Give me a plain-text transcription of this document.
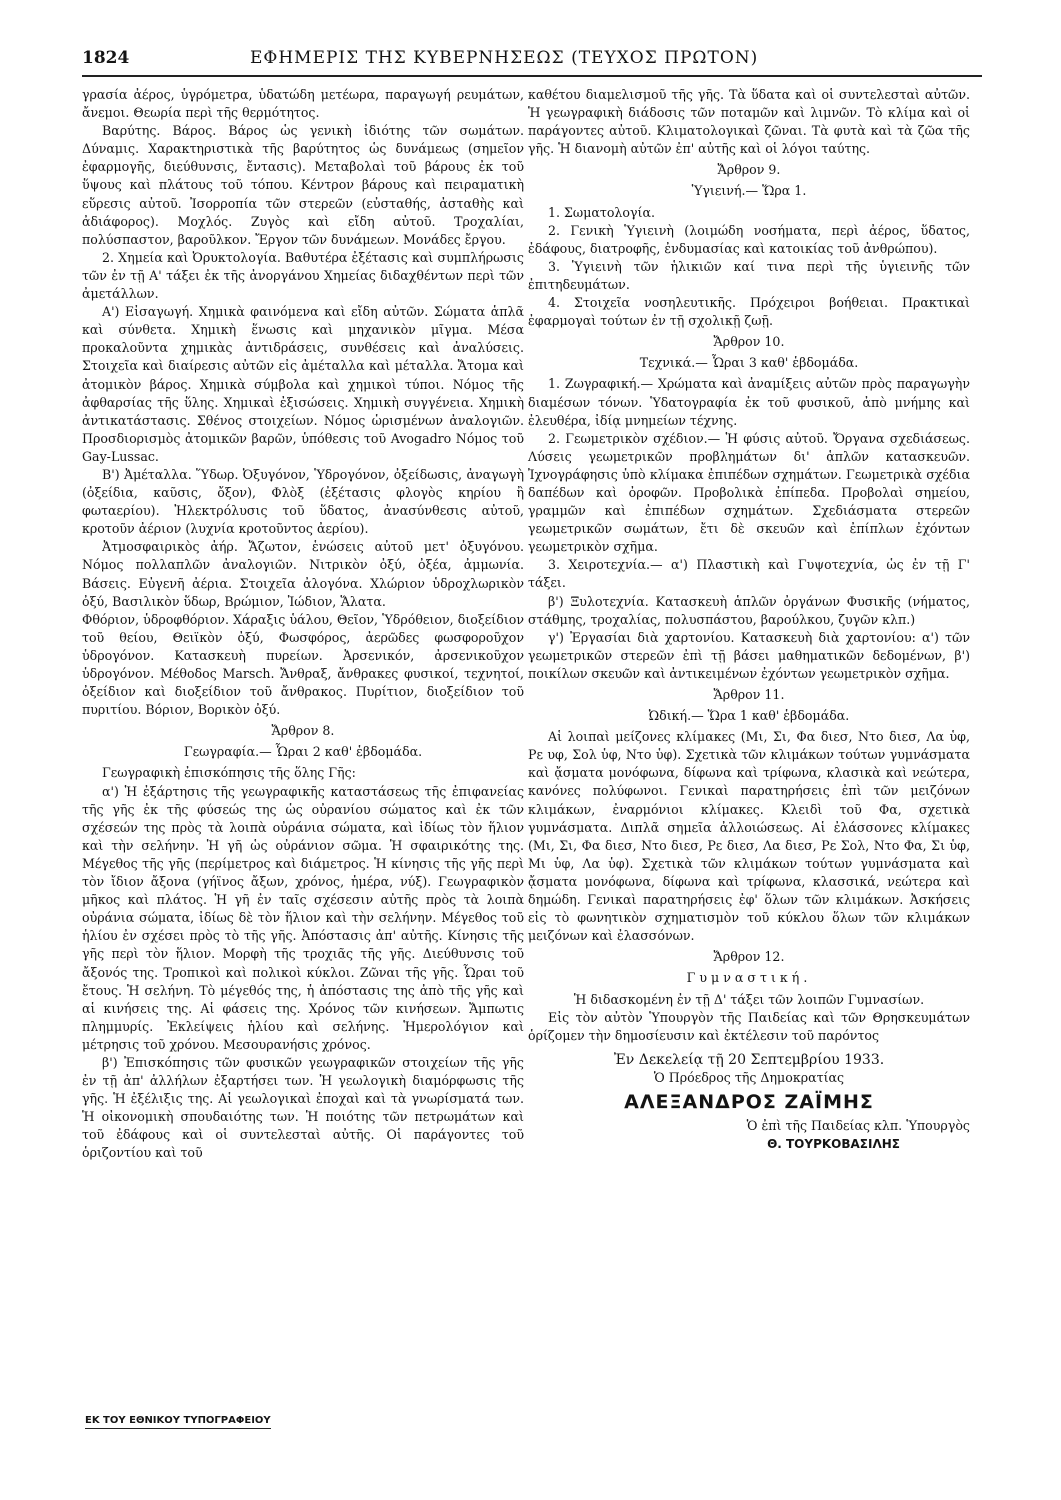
1824	ΕΦΗΜΕΡΙΣ ΤΗΣ ΚΥΒΕΡΝΗΣΕΩΣ (ΤΕΥΧΟΣ ΠΡΩΤΟΝ)

γρασία ἀέρος, ὑγρόμετρα, ὑδατώδη μετέωρα, παραγωγή ρευμάτων, ἄνεμοι. Θεωρία περὶ τῆς θερμότητος.

Βαρύτης. Βάρος. Βάρος ὡς γενικὴ ἰδιότης τῶν σωμάτων. Δύναμις. Χαρακτηριστικὰ τῆς βαρύτητος ὡς δυνάμεως (σημεῖον ἐφαρμογῆς, διεύθυνσις, ἔντασις). Μεταβολαὶ τοῦ βάρους ἐκ τοῦ ὕψους καὶ πλάτους τοῦ τόπου. Κέντρον βάρους καὶ πειραματικὴ εὕρεσις αὐτοῦ. Ἰσορροπία τῶν στερεῶν (εὐσταθής, ἀσταθὴς καὶ ἀδιάφορος). Μοχλός. Ζυγὸς καὶ εἴδη αὐτοῦ. Τροχαλίαι, πολύσπαστον, βαροῦλκον. Ἔργον τῶν δυνάμεων. Μονάδες ἔργου.

2. Χημεία καὶ Ὀρυκτολογία. Βαθυτέρα ἐξέτασις καὶ συμπλήρωσις τῶν ἐν τῇ Α' τάξει ἐκ τῆς ἀνοργάνου Χημείας διδαχθέντων περὶ τῶν ἀμετάλλων.

Α') Εἰσαγωγή. Χημικὰ φαινόμενα καὶ εἴδη αὐτῶν. Σώματα ἁπλᾶ καὶ σύνθετα. Χημικὴ ἕνωσις καὶ μηχανικὸν μῖγμα. Μέσα προκαλοῦντα χημικὰς ἀντιδράσεις, συνθέσεις καὶ ἀναλύσεις. Στοιχεῖα καὶ διαίρεσις αὐτῶν εἰς ἀμέταλλα καὶ μέταλλα. Ἄτομα καὶ ἀτομικὸν βάρος. Χημικὰ σύμβολα καὶ χημικοὶ τύποι. Νόμος τῆς ἀφθαρσίας τῆς ὕλης. Χημικαὶ ἐξισώσεις. Χημικὴ συγγένεια. Χημικὴ ἀντικατάστασις. Σθένος στοιχείων. Νόμος ὡρισμένων ἀναλογιῶν. Προσδιορισμὸς ἀτομικῶν βαρῶν, ὑπόθεσις τοῦ Avogadro Νόμος τοῦ Gay-Lussac.

Β') Ἀμέταλλα. Ὕδωρ. Ὀξυγόνον, Ὑδρογόνον, ὀξείδωσις, ἀναγωγὴ (ὀξείδια, καῦσις, ὄξον), Φλὸξ (ἐξέτασις φλογὸς κηρίου ἢ φωταερίου). Ἠλεκτρόλυσις τοῦ ὕδατος, ἀνασύνθεσις αὐτοῦ, κροτοῦν ἀέριον (λυχνία κροτοῦντος ἀερίου).

Ἀτμοσφαιρικὸς ἀήρ. Ἄζωτον, ἑνώσεις αὐτοῦ μετ' ὀξυγόνου. Νόμος πολλαπλῶν ἀναλογιῶν. Νιτρικὸν ὀξύ, ὀξέα, ἀμμωνία. Βάσεις. Εὐγενῆ ἀέρια. Στοιχεῖα ἀλογόνα. Χλώριον ὑδροχλωρικὸν ὀξύ, Βασιλικὸν ὕδωρ, Βρώμιον, Ἰώδιον, Ἅλατα.

Φθόριον, ὑδροφθόριον. Χάραξις ὑάλου, Θεῖον, Ὑδρόθειον, διοξείδιον τοῦ θείου, Θειϊκὸν ὀξύ, Φωσφόρος, ἀερῶδες φωσφοροῦχον ὑδρογόνον. Κατασκευὴ πυρείων. Ἀρσενικόν, ἀρσενικοῦχον ὑδρογόνον. Μέθοδος Marsch. Ἄνθραξ, ἄνθρακες φυσικοί, τεχνητοί, ὀξείδιον καὶ διοξείδιον τοῦ ἄνθρακος. Πυρίτιον, διοξείδιον τοῦ πυριτίου. Βόριον, Βορικὸν ὀξύ.

Ἄρθρον 8.

Γεωγραφία.— Ὧραι 2 καθ' ἑβδομάδα.

Γεωγραφικὴ ἐπισκόπησις τῆς ὅλης Γῆς:

α') Ἡ ἐξάρτησις τῆς γεωγραφικῆς καταστάσεως τῆς ἐπιφανείας τῆς γῆς ἐκ τῆς φύσεώς της ὡς οὐρανίου σώματος καὶ ἐκ τῶν σχέσεών της πρὸς τὰ λοιπὰ οὐράνια σώματα, καὶ ἰδίως τὸν ἥλιον καὶ τὴν σελήνην. Ἡ γῆ ὡς οὐράνιον σῶμα. Ἡ σφαιρικότης της. Μέγεθος τῆς γῆς (περίμετρος καὶ διάμετρος. Ἡ κίνησις τῆς γῆς περὶ τὸν ἴδιον ἄξονα (γήϊνος ἄξων, χρόνος, ἡμέρα, νύξ). Γεωγραφικὸν μῆκος καὶ πλάτος. Ἡ γῆ ἐν ταῖς σχέσεσιν αὐτῆς πρὸς τὰ λοιπὰ οὐράνια σώματα, ἰδίως δὲ τὸν ἥλιον καὶ τὴν σελήνην. Μέγεθος τοῦ ἡλίου ἐν σχέσει πρὸς τὸ τῆς γῆς. Ἀπόστασις ἀπ' αὐτῆς. Κίνησις τῆς γῆς περὶ τὸν ἥλιον. Μορφὴ τῆς τροχιᾶς τῆς γῆς. Διεύθυνσις τοῦ ἄξονός της. Τροπικοὶ καὶ πολικοὶ κύκλοι. Ζῶναι τῆς γῆς. Ὧραι τοῦ ἔτους. Ἡ σελήνη. Τὸ μέγεθός της, ἡ ἀπόστασις της ἀπὸ τῆς γῆς καὶ αἱ κινήσεις της. Αἱ φάσεις της. Χρόνος τῶν κινήσεων. Ἄμπωτις πλημμυρίς. Ἐκλείψεις ἡλίου καὶ σελήνης. Ἡμερολόγιον καὶ μέτρησις τοῦ χρόνου. Μεσουρανήσις χρόνος.

β') Ἐπισκόπησις τῶν φυσικῶν γεωγραφικῶν στοιχείων τῆς γῆς ἐν τῇ ἀπ' ἀλλήλων ἐξαρτήσει των. Ἡ γεωλογικὴ διαμόρφωσις τῆς γῆς. Ἡ ἐξέλιξις της. Αἱ γεωλογικαὶ ἐποχαὶ καὶ τὰ γνωρίσματά των. Ἡ οἰκονομικὴ σπουδαιότης των. Ἡ ποιότης τῶν πετρωμάτων καὶ τοῦ ἐδάφους καὶ οἱ συντελεσταὶ αὐτῆς. Οἱ παράγοντες τοῦ ὁριζοντίου καὶ τοῦ

καθέτου διαμελισμοῦ τῆς γῆς. Τὰ ὕδατα καὶ οἱ συντελεσταὶ αὐτῶν. Ἡ γεωγραφικὴ διάδοσις τῶν ποταμῶν καὶ λιμνῶν. Τὸ κλίμα καὶ οἱ παράγοντες αὐτοῦ. Κλιματολογικαὶ ζῶναι. Τὰ φυτὰ καὶ τὰ ζῶα τῆς γῆς. Ἡ διανομὴ αὐτῶν ἐπ' αὐτῆς καὶ οἱ λόγοι ταύτης.

Ἄρθρον 9.

Ὑγιεινή.— Ὥρα 1.

1. Σωματολογία.

2. Γενικὴ Ὑγιεινὴ (λοιμώδη νοσήματα, περὶ ἀέρος, ὕδατος, ἐδάφους, διατροφῆς, ἐνδυμασίας καὶ κατοικίας τοῦ ἀνθρώπου).

3. Ὑγιεινὴ τῶν ἡλικιῶν καί τινα περὶ τῆς ὑγιεινῆς τῶν ἐπιτηδευμάτων.

4. Στοιχεῖα νοσηλευτικῆς. Πρόχειροι βοήθειαι. Πρακτικαὶ ἐφαρμογαὶ τούτων ἐν τῇ σχολικῇ ζωῇ.

Ἄρθρον 10.

Τεχνικά.— Ὧραι 3 καθ' ἑβδομάδα.

1. Ζωγραφική.— Χρώματα καὶ ἀναμίξεις αὐτῶν πρὸς παραγωγὴν διαμέσων τόνων. Ὑδατογραφία ἐκ τοῦ φυσικοῦ, ἀπὸ μνήμης καὶ ἐλευθέρα, ἰδίᾳ μνημείων τέχνης.

2. Γεωμετρικὸν σχέδιον.— Ἡ φύσις αὐτοῦ. Ὄργανα σχεδιάσεως. Λύσεις γεωμετρικῶν προβλημάτων δι' ἁπλῶν κατασκευῶν. Ἰχνογράφησις ὑπὸ κλίμακα ἐπιπέδων σχημάτων. Γεωμετρικὰ σχέδια δαπέδων καὶ ὀροφῶν. Προβολικὰ ἐπίπεδα. Προβολαὶ σημείου, γραμμῶν καὶ ἐπιπέδων σχημάτων. Σχεδιάσματα στερεῶν γεωμετρικῶν σωμάτων, ἔτι δὲ σκευῶν καὶ ἐπίπλων ἐχόντων γεωμετρικὸν σχῆμα.

3. Χειροτεχνία.— α') Πλαστικὴ καὶ Γυψοτεχνία, ὡς ἐν τῇ Γ' τάξει.

β') Ξυλοτεχνία. Κατασκευὴ ἁπλῶν ὀργάνων Φυσικῆς (νήματος, στάθμης, τροχαλίας, πολυσπάστου, βαρούλκου, ζυγῶν κλπ.)

γ') Ἐργασίαι διὰ χαρτονίου. Κατασκευὴ διὰ χαρτονίου: α') τῶν γεωμετρικῶν στερεῶν ἐπὶ τῇ βάσει μαθηματικῶν δεδομένων, β') ποικίλων σκευῶν καὶ ἀντικειμένων ἐχόντων γεωμετρικὸν σχῆμα.

Ἄρθρον 11.

Ὠδική.— Ὥρα 1 καθ' ἑβδομάδα.

Αἱ λοιπαὶ μείζονες κλίμακες (Μι, Σι, Φα διεσ, Ντο διεσ, Λα ὑφ, Ρε υφ, Σολ ὑφ, Ντο ὑφ). Σχετικὰ τῶν κλιμάκων τούτων γυμνάσματα καὶ ᾄσματα μονόφωνα, δίφωνα καὶ τρίφωνα, κλασικὰ καὶ νεώτερα, κανόνες πολύφωνοι. Γενικαὶ παρατηρήσεις ἐπὶ τῶν μειζόνων κλιμάκων, ἐναρμόνιοι κλίμακες. Κλειδὶ τοῦ Φα, σχετικὰ γυμνάσματα. Διπλᾶ σημεῖα ἀλλοιώσεως. Αἱ ἐλάσσονες κλίμακες (Μι, Σι, Φα διεσ, Ντο διεσ, Ρε διεσ, Λα διεσ, Ρε Σολ, Ντο Φα, Σι ὑφ, Μι ὑφ, Λα ὑφ). Σχετικὰ τῶν κλιμάκων τούτων γυμνάσματα καὶ ᾄσματα μονόφωνα, δίφωνα καὶ τρίφωνα, κλασσικά, νεώτερα καὶ δημώδη. Γενικαὶ παρατηρήσεις ἐφ' ὅλων τῶν κλιμάκων. Ἀσκήσεις εἰς τὸ φωνητικὸν σχηματισμὸν τοῦ κύκλου ὅλων τῶν κλιμάκων μειζόνων καὶ ἐλασσόνων.

Ἄρθρον 12.

Γυμναστική.

Ἡ διδασκομένη ἐν τῇ Δ' τάξει τῶν λοιπῶν Γυμνασίων.

Εἰς τὸν αὐτὸν Ὑπουργὸν τῆς Παιδείας καὶ τῶν Θρησκευμάτων ὁρίζομεν τὴν δημοσίευσιν καὶ ἐκτέλεσιν τοῦ παρόντος

Ἐν Δεκελείᾳ τῇ 20 Σεπτεμβρίου 1933.

Ὁ Πρόεδρος τῆς Δημοκρατίας

ΑΛΕΞΑΝΔΡΟΣ ΖΑΪΜΗΣ

Ὁ ἐπὶ τῆς Παιδείας κλπ. Ὑπουργὸς

Θ. ΤΟΥΡΚΟΒΑΣΙΛΗΣ

ΕΚ ΤΟΥ ΕΘΝΙΚΟΥ ΤΥΠΟΓΡΑΦΕΙΟΥ
